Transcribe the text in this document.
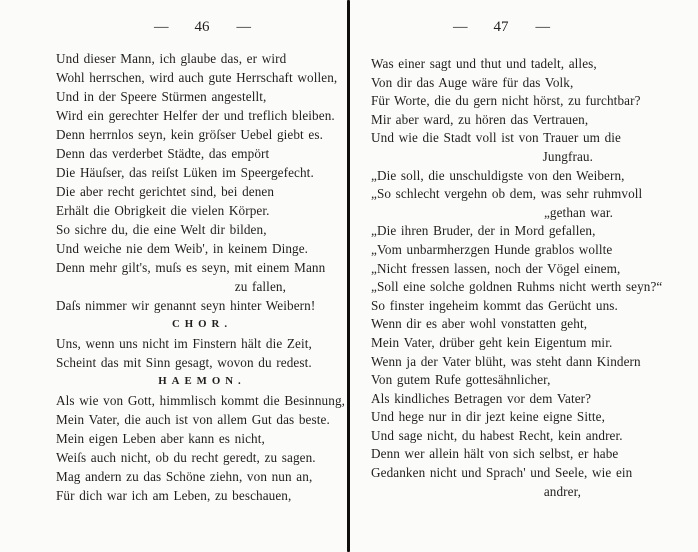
— 46 —
Und dieser Mann, ich glaube das, er wird
Wohl herrschen, wird auch gute Herrschaft wollen,
Und in der Speere Stürmen angestellt,
Wird ein gerechter Helfer der und treflich bleiben.
Denn herrnlos seyn, kein gröſser Uebel giebt es.
Denn das verderbet Städte, das empört
Die Häuſser, das reiſst Lüken im Speergefecht.
Die aber recht gerichtet sind, bei denen
Erhält die Obrigkeit die vielen Körper.
So sichre du, die eine Welt dir bilden,
Und weiche nie dem Weib', in keinem Dinge.
Denn mehr gilt's, muſs es seyn, mit einem Mann
zu fallen,
Daſs nimmer wir genannt seyn hinter Weibern!
CHOR.
Uns, wenn uns nicht im Finstern hält die Zeit,
Scheint das mit Sinn gesagt, wovon du redest.
HAEMON.
Als wie von Gott, himmlisch kommt die Besinnung,
Mein Vater, die auch ist von allem Gut das beste.
Mein eigen Leben aber kann es nicht,
Weiſs auch nicht, ob du recht geredt, zu sagen.
Mag andern zu das Schöne ziehn, von nun an,
Für dich war ich am Leben, zu beschauen,
— 47 —
Was einer sagt und thut und tadelt, alles,
Von dir das Auge wäre für das Volk,
Für Worte, die du gern nicht hörst, zu furchtbar?
Mir aber ward, zu hören das Vertrauen,
Und wie die Stadt voll ist von Trauer um die
Jungfrau.
„Die soll, die unschuldigste von den Weibern,
„So schlecht vergehn ob dem, was sehr ruhmvoll
„gethan war.
„Die ihren Bruder, der in Mord gefallen,
„Vom unbarmherzgen Hunde grablos wollte
„Nicht fressen lassen, noch der Vögel einem,
„Soll eine solche goldnen Ruhms nicht werth seyn?“
So finster ingeheim kommt das Gerücht uns.
Wenn dir es aber wohl vonstatten geht,
Mein Vater, drüber geht kein Eigentum mir.
Wenn ja der Vater blüht, was steht dann Kindern
Von gutem Rufe gottesähnlicher,
Als kindliches Betragen vor dem Vater?
Und hege nur in dir jezt keine eigne Sitte,
Und sage nicht, du habest Recht, kein andrer.
Denn wer allein hält von sich selbst, er habe
Gedanken nicht und Sprach' und Seele, wie ein
andrer,
